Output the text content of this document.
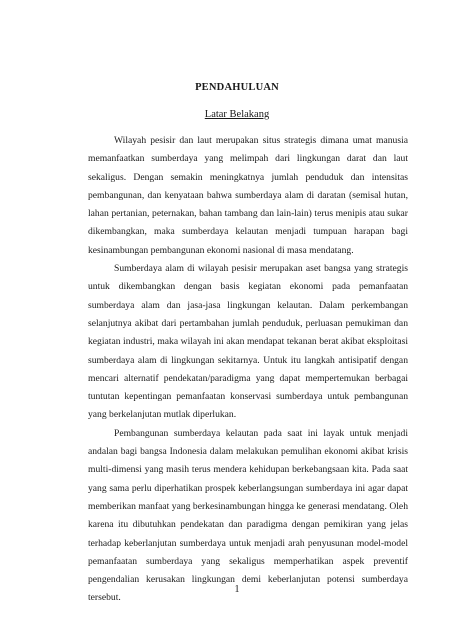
PENDAHULUAN
Latar Belakang

Wilayah pesisir dan laut merupakan situs strategis dimana umat manusia memanfaatkan sumberdaya yang melimpah dari lingkungan darat dan laut sekaligus. Dengan semakin meningkatnya jumlah penduduk dan intensitas pembangunan, dan kenyataan bahwa sumberdaya alam di daratan (semisal hutan, lahan pertanian, peternakan, bahan tambang dan lain-lain) terus menipis atau sukar dikembangkan, maka sumberdaya kelautan menjadi tumpuan harapan bagi kesinambungan pembangunan ekonomi nasional di masa mendatang.

Sumberdaya alam di wilayah pesisir merupakan aset bangsa yang strategis untuk dikembangkan dengan basis kegiatan ekonomi pada pemanfaatan sumberdaya alam dan jasa-jasa lingkungan kelautan. Dalam perkembangan selanjutnya akibat dari pertambahan jumlah penduduk, perluasan pemukiman dan kegiatan industri, maka wilayah ini akan mendapat tekanan berat akibat eksploitasi sumberdaya alam di lingkungan sekitarnya. Untuk itu langkah antisipatif dengan mencari alternatif pendekatan/paradigma yang dapat mempertemukan berbagai tuntutan kepentingan pemanfaatan konservasi sumberdaya untuk pembangunan yang berkelanjutan mutlak diperlukan.

Pembangunan sumberdaya kelautan pada saat ini layak untuk menjadi andalan bagi bangsa Indonesia dalam melakukan pemulihan ekonomi akibat krisis multi-dimensi yang masih terus mendera kehidupan berkebangsaan kita. Pada saat yang sama perlu diperhatikan prospek keberlangsungan sumberdaya ini agar dapat memberikan manfaat yang berkesinambungan hingga ke generasi mendatang. Oleh karena itu dibutuhkan pendekatan dan paradigma dengan pemikiran yang jelas terhadap keberlanjutan sumberdaya untuk menjadi arah penyusunan model-model pemanfaatan sumberdaya yang sekaligus memperhatikan aspek preventif pengendalian kerusakan lingkungan demi keberlanjutan potensi sumberdaya tersebut.

1
